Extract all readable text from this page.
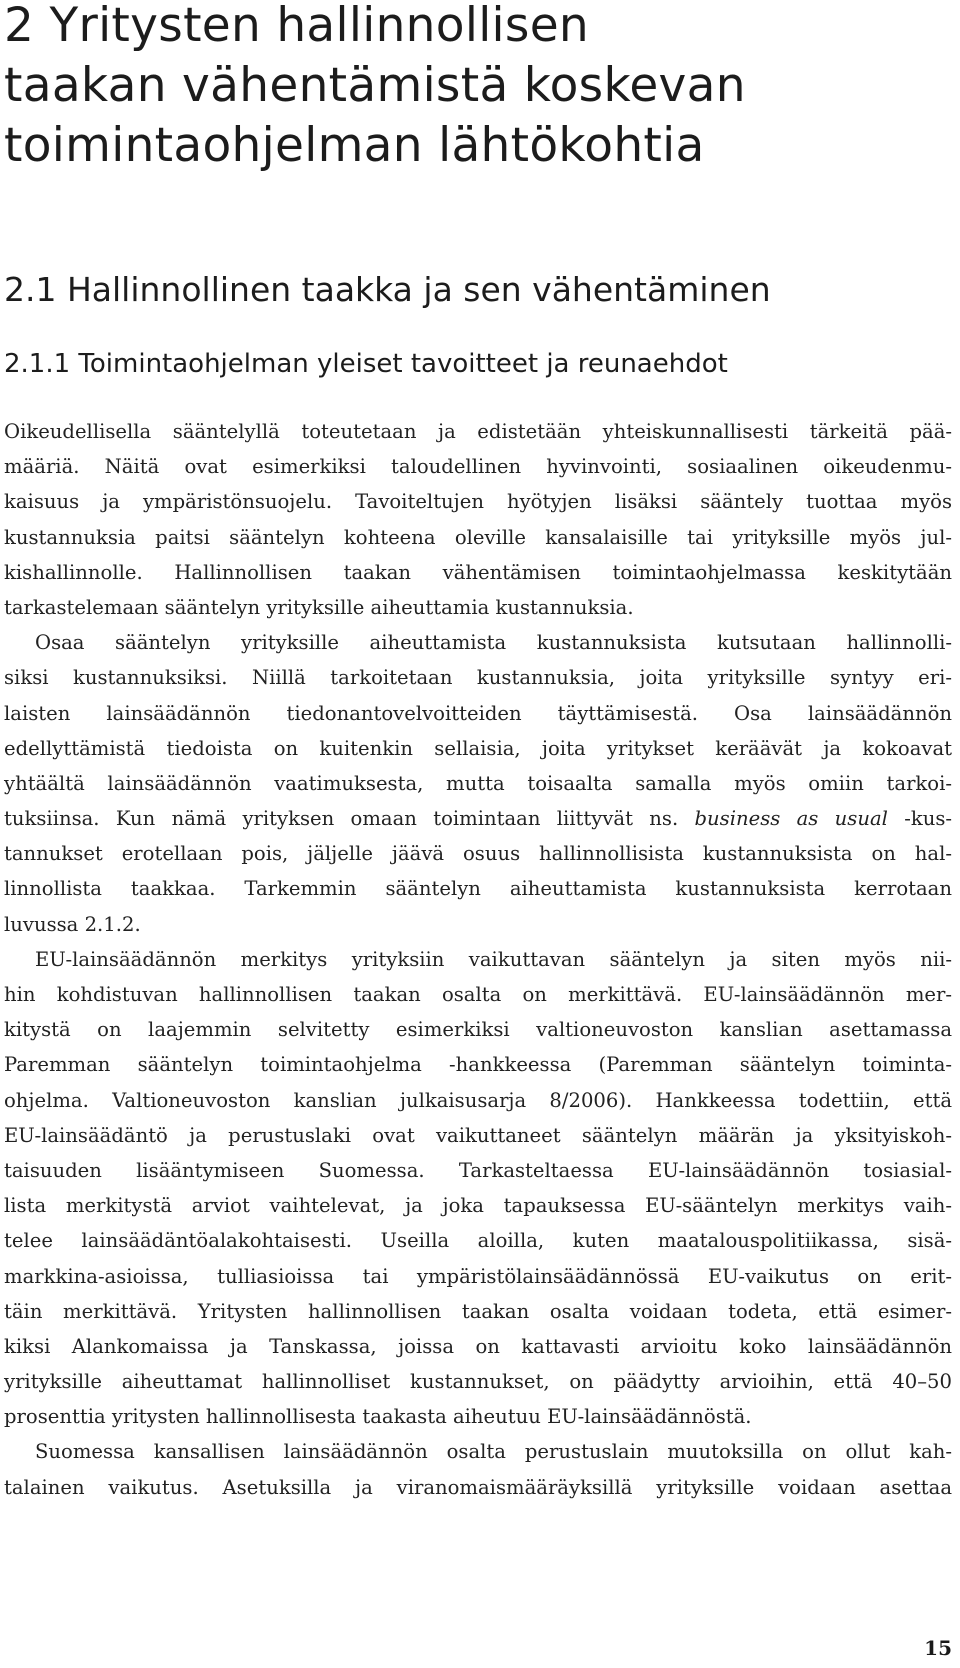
2 Yritysten hallinnollisen
taakan vähentämistä koskevan
toimintaohjelman lähtökohtia
2.1 Hallinnollinen taakka ja sen vähentäminen
2.1.1 Toimintaohjelman yleiset tavoitteet ja reunaehdot
Oikeudellisella sääntelyllä toteutetaan ja edistetään yhteiskunnallisesti tärkeitä pää-
määriä. Näitä ovat esimerkiksi taloudellinen hyvinvointi, sosiaalinen oikeudenmu-
kaisuus ja ympäristönsuojelu. Tavoiteltujen hyötyjen lisäksi sääntely tuottaa myös
kustannuksia paitsi sääntelyn kohteena oleville kansalaisille tai yrityksille myös jul-
kishallinnolle. Hallinnollisen taakan vähentämisen toimintaohjelmassa keskitytään
tarkastelemaan sääntelyn yrityksille aiheuttamia kustannuksia.
Osaa sääntelyn yrityksille aiheuttamista kustannuksista kutsutaan hallinnolli-
siksi kustannuksiksi. Niillä tarkoitetaan kustannuksia, joita yrityksille syntyy eri-
laisten lainsäädännön tiedonantovelvoitteiden täyttämisestä. Osa lainsäädännön
edellyttämistä tiedoista on kuitenkin sellaisia, joita yritykset keräävät ja kokoavat
yhtäältä lainsäädännön vaatimuksesta, mutta toisaalta samalla myös omiin tarkoi-
tuksiinsa. Kun nämä yrityksen omaan toimintaan liittyvät ns. business as usual -kus-
tannukset erotellaan pois, jäljelle jäävä osuus hallinnollisista kustannuksista on hal-
linnollista taakkaa. Tarkemmin sääntelyn aiheuttamista kustannuksista kerrotaan
luvussa 2.1.2.
EU-lainsäädännön merkitys yrityksiin vaikuttavan sääntelyn ja siten myös nii-
hin kohdistuvan hallinnollisen taakan osalta on merkittävä. EU-lainsäädännön mer-
kitystä on laajemmin selvitetty esimerkiksi valtioneuvoston kanslian asettamassa
Paremman sääntelyn toimintaohjelma -hankkeessa (Paremman sääntelyn toiminta-
ohjelma. Valtioneuvoston kanslian julkaisusarja 8/2006). Hankkeessa todettiin, että
EU-lainsäädäntö ja perustuslaki ovat vaikuttaneet sääntelyn määrän ja yksityiskoh-
taisuuden lisääntymiseen Suomessa. Tarkasteltaessa EU-lainsäädännön tosiasial-
lista merkitystä arviot vaihtelevat, ja joka tapauksessa EU-sääntelyn merkitys vaih-
telee lainsäädäntöalakohtaisesti. Useilla aloilla, kuten maatalouspolitiikassa, sisä-
markkina-asioissa, tulliasioissa tai ympäristölainsäädännössä EU-vaikutus on erit-
täin merkittävä. Yritysten hallinnollisen taakan osalta voidaan todeta, että esimer-
kiksi Alankomaissa ja Tanskassa, joissa on kattavasti arvioitu koko lainsäädännön
yrityksille aiheuttamat hallinnolliset kustannukset, on päädytty arvioihin, että 40–50
prosenttia yritysten hallinnollisesta taakasta aiheutuu EU-lainsäädännöstä.
Suomessa kansallisen lainsäädännön osalta perustuslain muutoksilla on ollut kah-
talainen vaikutus. Asetuksilla ja viranomaismääräyksillä yrityksille voidaan asettaa
15
